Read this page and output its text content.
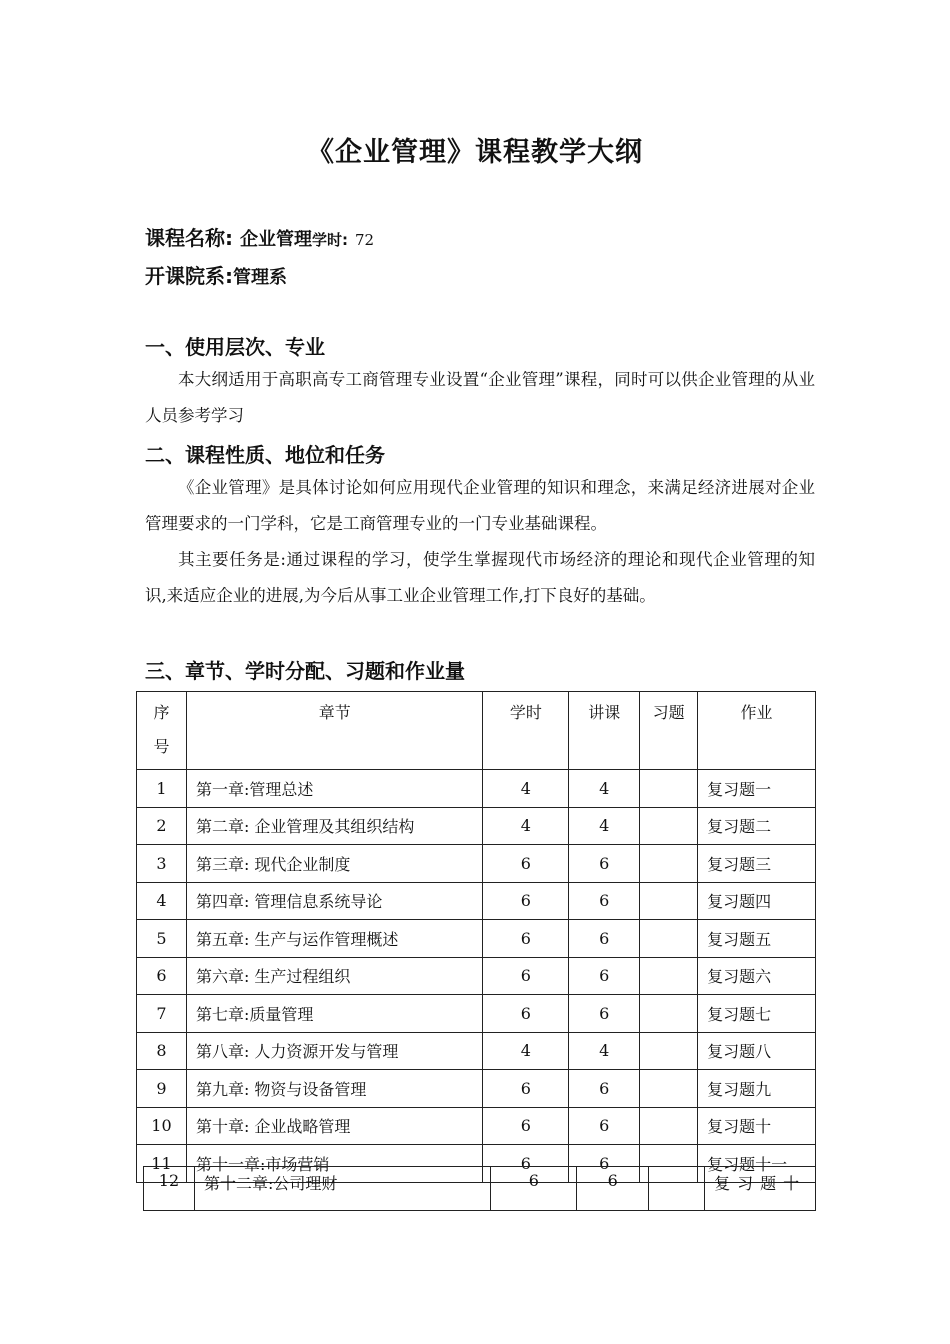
《企业管理》课程教学大纲
课程名称: 企业管理学时: 72
开课院系:管理系
一、使用层次、专业
本大纲适用于高职高专工商管理专业设置“企业管理”课程，同时可以供企业管理的从业人员参考学习
二、课程性质、地位和任务
《企业管理》是具体讨论如何应用现代企业管理的知识和理念，来满足经济进展对企业管理要求的一门学科，它是工商管理专业的一门专业基础课程。
其主要任务是:通过课程的学习，使学生掌握现代市场经济的理论和现代企业管理的知识,来适应企业的进展,为今后从事工业企业管理工作,打下良好的基础。
三、章节、学时分配、习题和作业量
序
号	章节	学时	讲课	习题	作业
1	第一章:管理总述	4	4		复习题一
2	第二章: 企业管理及其组织结构	4	4		复习题二
3	第三章: 现代企业制度	6	6		复习题三
4	第四章: 管理信息系统导论	6	6		复习题四
5	第五章: 生产与运作管理概述	6	6		复习题五
6	第六章: 生产过程组织	6	6		复习题六
7	第七章:质量管理	6	6		复习题七
8	第八章: 人力资源开发与管理	4	4		复习题八
9	第九章: 物资与设备管理	6	6		复习题九
10	第十章: 企业战略管理	6	6		复习题十
11	第十一章:市场营销	6	6		复习题十一
12	第十二章:公司理财	6	6		复习题十
